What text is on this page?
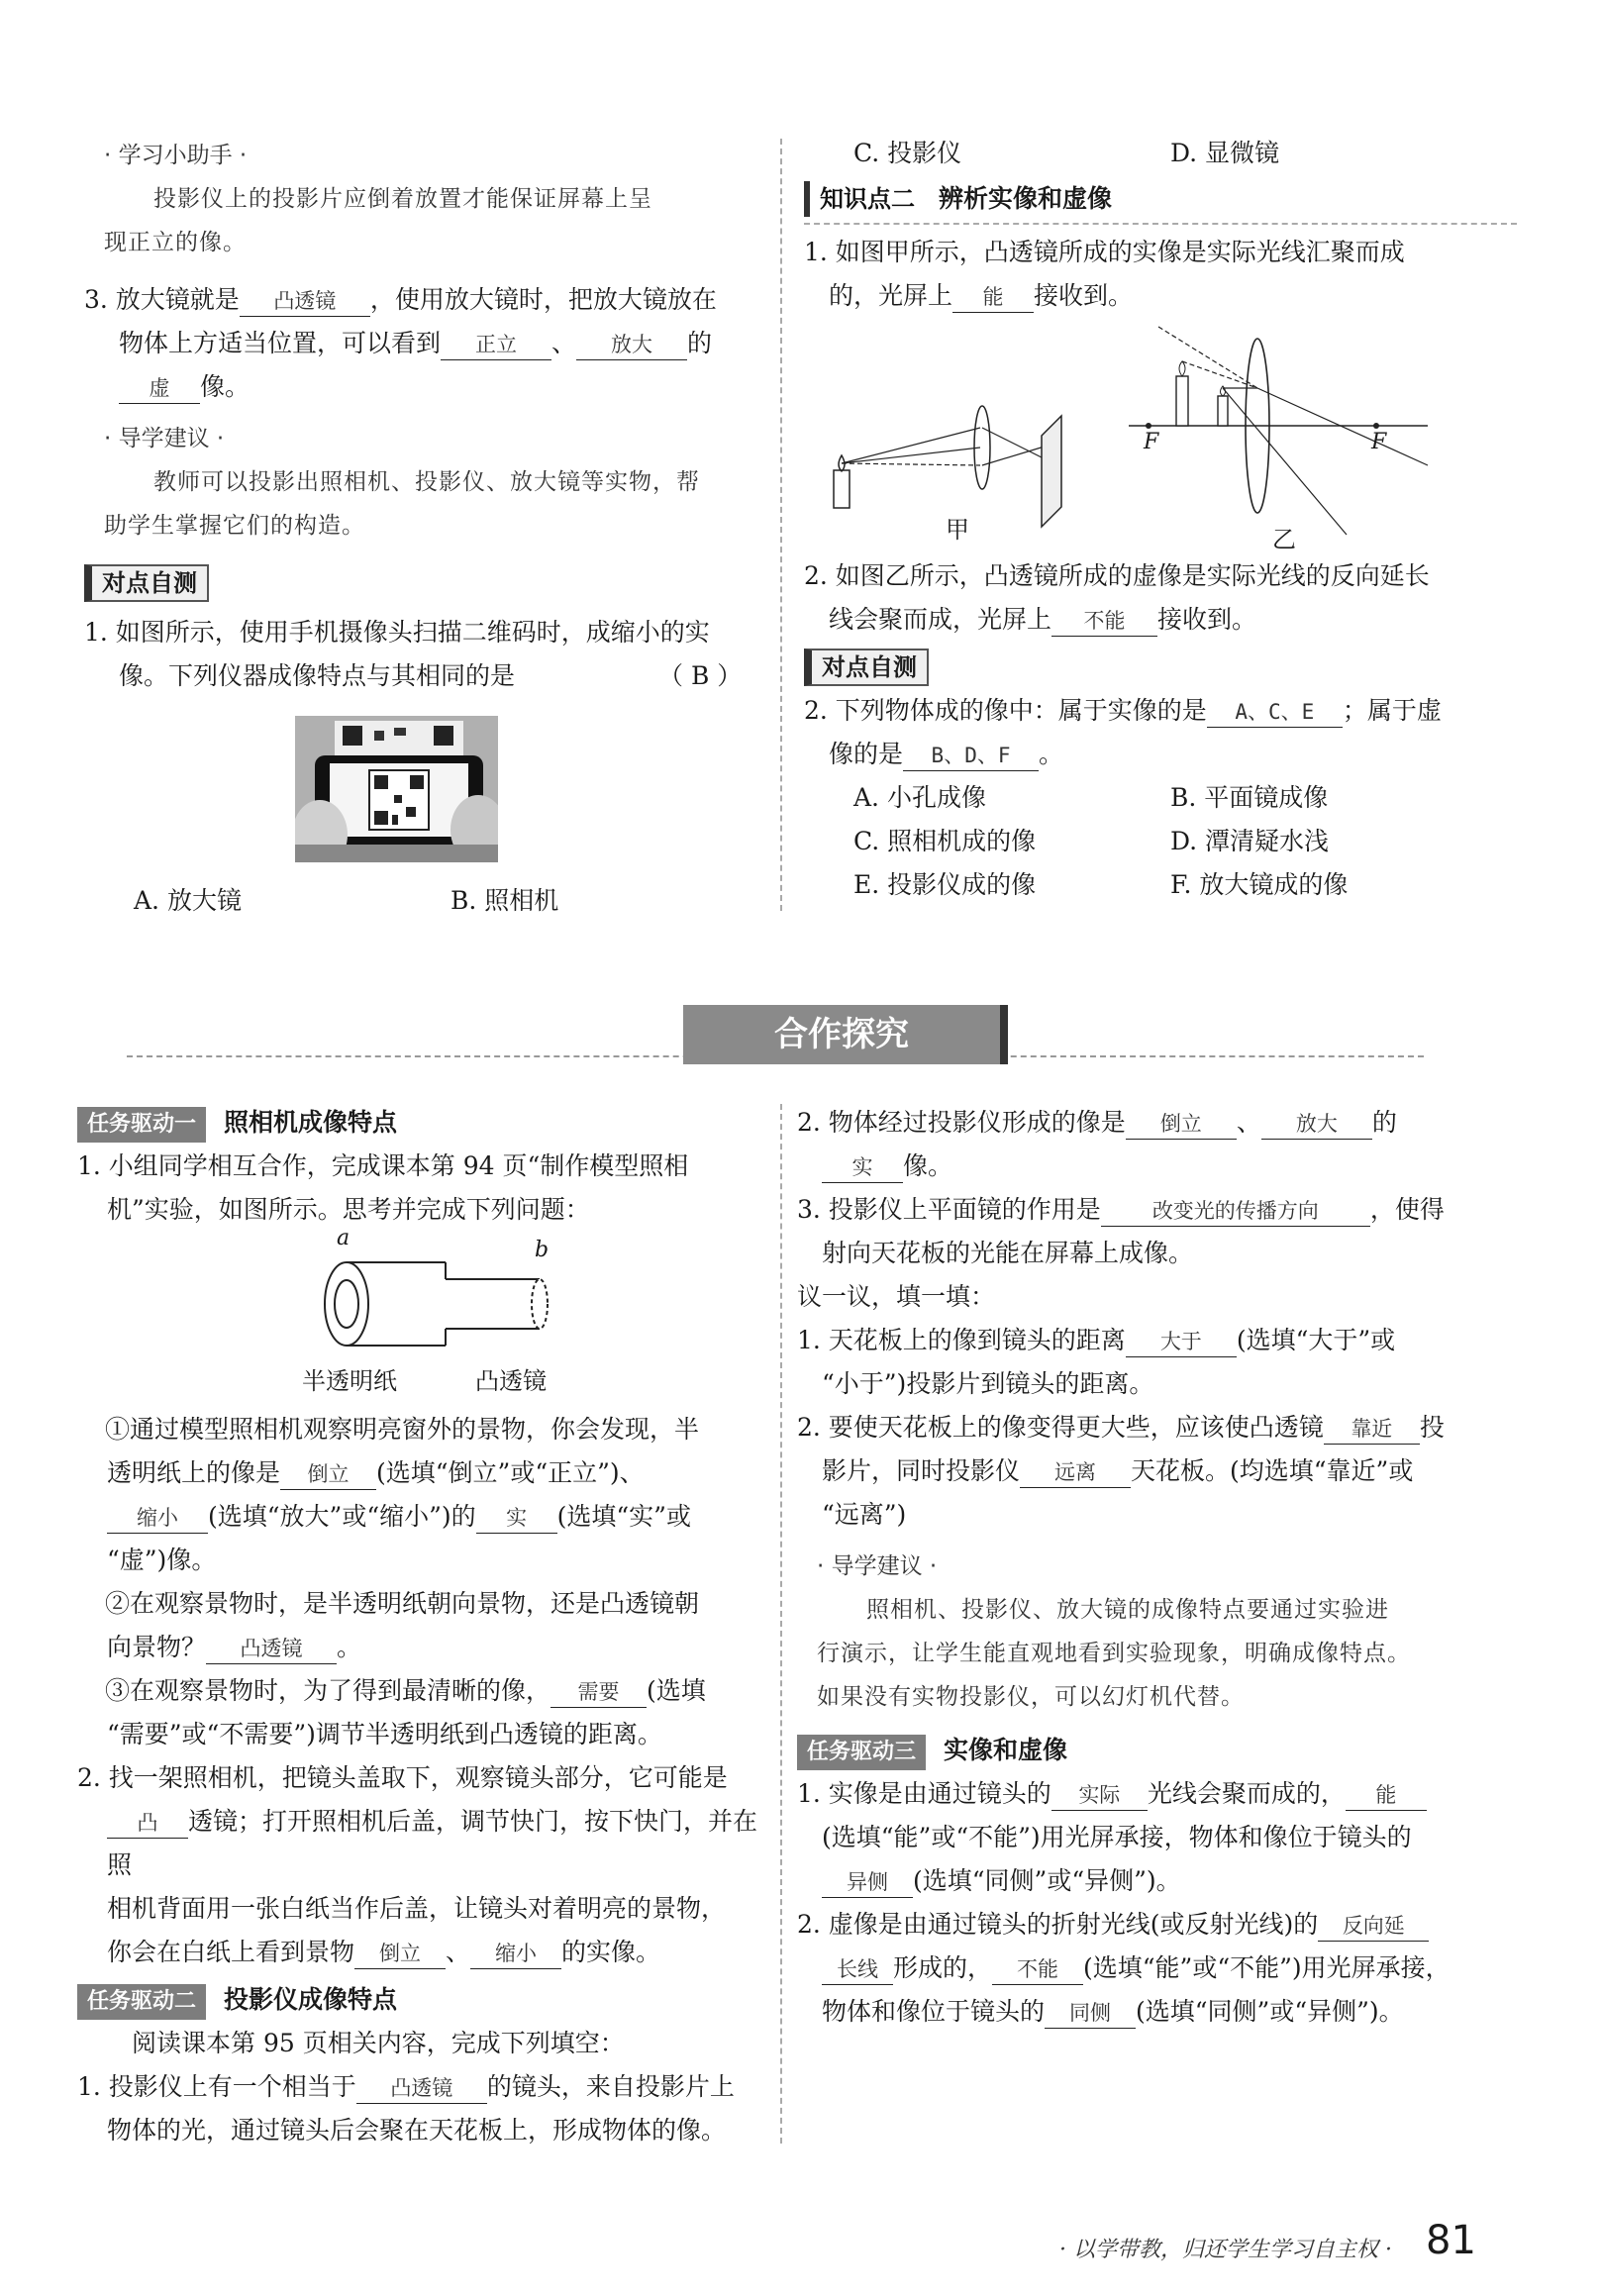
· 学习小助手 ·

投影仪上的投影片应倒着放置才能保证屏幕上呈

现正立的像。

3. 放大镜就是 凸透镜 ，使用放大镜时，把放大镜放在

物体上方适当位置，可以看到 正立 、 放大 的

虚 像。

· 导学建议 ·

教师可以投影出照相机、投影仪、放大镜等实物，帮

助学生掌握它们的构造。

对点自测

1. 如图所示，使用手机摄像头扫描二维码时，成缩小的实

像。下列仪器成像特点与其相同的是	（ B ）

A. 放大镜	B. 照相机

C. 投影仪	D. 显微镜

知识点二 辨析实像和虚像

1. 如图甲所示，凸透镜所成的实像是实际光线汇聚而成

的，光屏上 能 接收到。

甲	乙
F	F

2. 如图乙所示，凸透镜所成的虚像是实际光线的反向延长

线会聚而成，光屏上 不能 接收到。

对点自测

2. 下列物体成的像中：属于实像的是 A、C、E ；属于虚

像的是 B、D、F 。

A. 小孔成像	B. 平面镜成像

C. 照相机成的像	D. 潭清疑水浅

E. 投影仪成的像	F. 放大镜成的像

合作探究

任务驱动一 照相机成像特点

1. 小组同学相互合作，完成课本第 94 页“制作模型照相

机”实验，如图所示。思考并完成下列问题：

a	b
半透明纸	凸透镜

①通过模型照相机观察明亮窗外的景物，你会发现，半

透明纸上的像是 倒立 (选填“倒立”或“正立”)、

缩小 (选填“放大”或“缩小”)的 实 (选填“实”或

“虚”)像。

②在观察景物时，是半透明纸朝向景物，还是凸透镜朝

向景物？ 凸透镜 。

③在观察景物时，为了得到最清晰的像， 需要 (选填

“需要”或“不需要”)调节半透明纸到凸透镜的距离。

2. 找一架照相机，把镜头盖取下，观察镜头部分，它可能是

凸 透镜；打开照相机后盖，调节快门，按下快门，并在照

相机背面用一张白纸当作后盖，让镜头对着明亮的景物，

你会在白纸上看到景物 倒立 、 缩小 的实像。

任务驱动二 投影仪成像特点

阅读课本第 95 页相关内容，完成下列填空：

1. 投影仪上有一个相当于 凸透镜 的镜头，来自投影片上

物体的光，通过镜头后会聚在天花板上，形成物体的像。

2. 物体经过投影仪形成的像是 倒立 、 放大 的

实 像。

3. 投影仪上平面镜的作用是 改变光的传播方向 ，使得

射向天花板的光能在屏幕上成像。

议一议，填一填：

1. 天花板上的像到镜头的距离 大于 (选填“大于”或

“小于”)投影片到镜头的距离。

2. 要使天花板上的像变得更大些，应该使凸透镜 靠近 投

影片，同时投影仪 远离 天花板。(均选填“靠近”或

“远离”)

· 导学建议 ·

照相机、投影仪、放大镜的成像特点要通过实验进

行演示，让学生能直观地看到实验现象，明确成像特点。

如果没有实物投影仪，可以幻灯机代替。

任务驱动三 实像和虚像

1. 实像是由通过镜头的 实际 光线会聚而成的， 能

(选填“能”或“不能”)用光屏承接，物体和像位于镜头的

异侧 (选填“同侧”或“异侧”)。

2. 虚像是由通过镜头的折射光线(或反射光线)的 反向延

长线 形成的， 不能 (选填“能”或“不能”)用光屏承接，

物体和像位于镜头的 同侧 (选填“同侧”或“异侧”)。

· 以学带教，归还学生学习自主权 · 81
